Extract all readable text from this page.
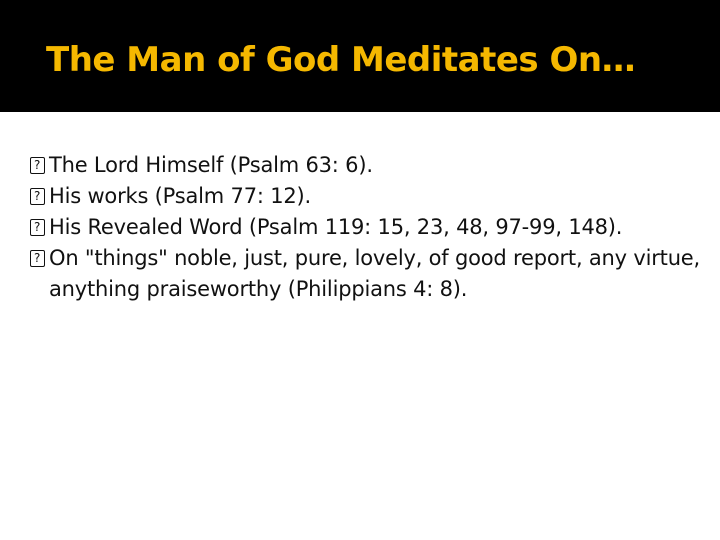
The Man of God Meditates On…
?
The Lord Himself (Psalm 63: 6).
?
His works (Psalm 77: 12).
?
His Revealed Word (Psalm 119: 15, 23, 48, 97-99, 148).
?
On "things" noble, just, pure, lovely, of good report, any virtue, anything praiseworthy (Philippians 4: 8).
